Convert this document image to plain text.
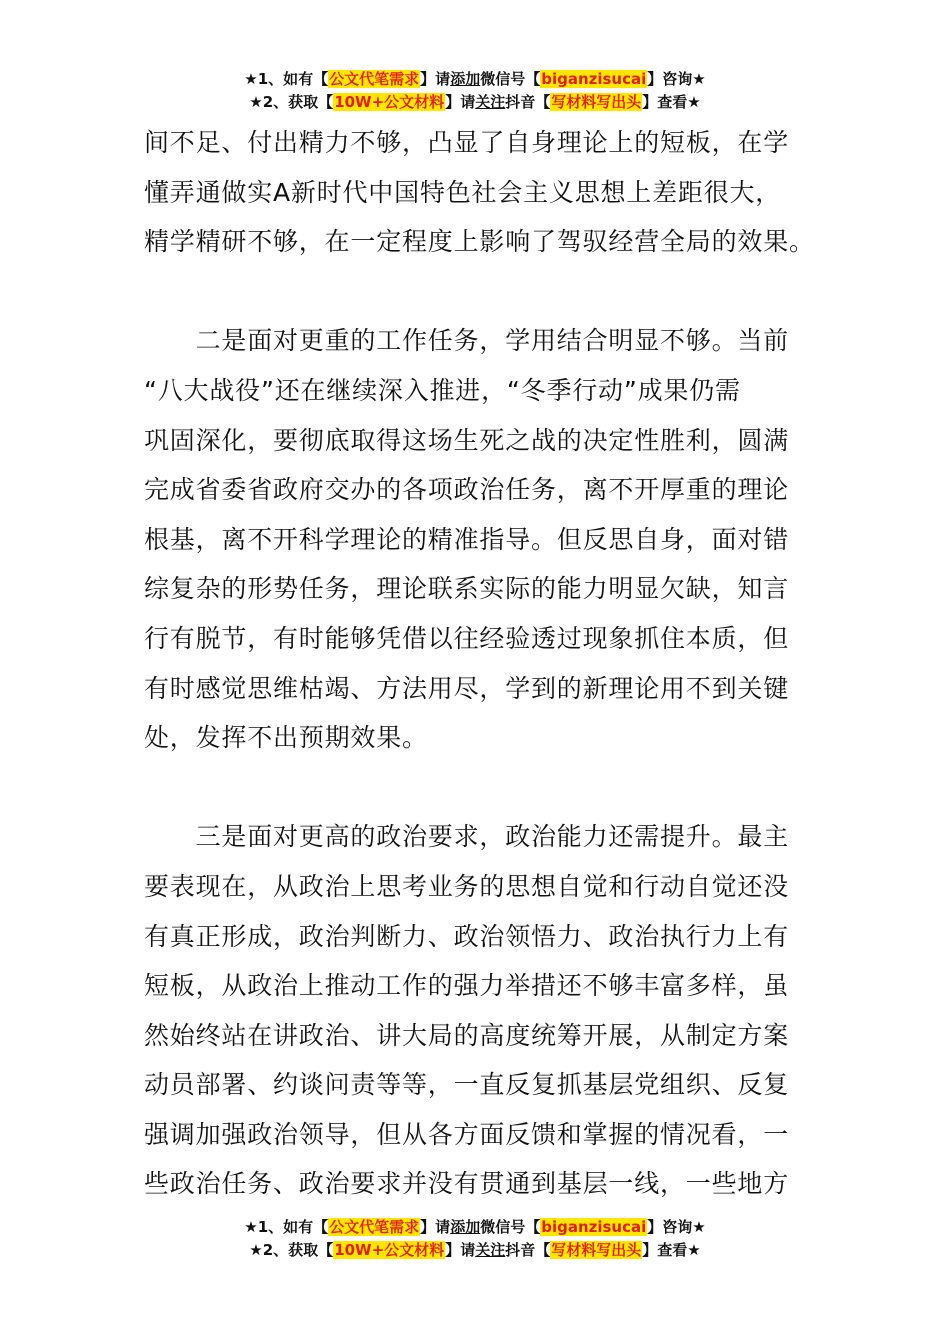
★1、如有【公文代笔需求】请添加微信号【biganzisucai】咨询★
★2、获取【10W+公文材料】请关注抖音【写材料写出头】查看★

间不足、付出精力不够，凸显了自身理论上的短板，在学
懂弄通做实A新时代中国特色社会主义思想上差距很大，
精学精研不够，在一定程度上影响了驾驭经营全局的效果。

　　二是面对更重的工作任务，学用结合明显不够。当前
“八大战役”还在继续深入推进，“冬季行动”成果仍需
巩固深化，要彻底取得这场生死之战的决定性胜利，圆满
完成省委省政府交办的各项政治任务，离不开厚重的理论
根基，离不开科学理论的精准指导。但反思自身，面对错
综复杂的形势任务，理论联系实际的能力明显欠缺，知言
行有脱节，有时能够凭借以往经验透过现象抓住本质，但
有时感觉思维枯竭、方法用尽，学到的新理论用不到关键
处，发挥不出预期效果。

　　三是面对更高的政治要求，政治能力还需提升。最主
要表现在，从政治上思考业务的思想自觉和行动自觉还没
有真正形成，政治判断力、政治领悟力、政治执行力上有
短板，从政治上推动工作的强力举措还不够丰富多样，虽
然始终站在讲政治、讲大局的高度统筹开展，从制定方案
动员部署、约谈问责等等，一直反复抓基层党组织、反复
强调加强政治领导，但从各方面反馈和掌握的情况看，一
些政治任务、政治要求并没有贯通到基层一线，一些地方

★1、如有【公文代笔需求】请添加微信号【biganzisucai】咨询★
★2、获取【10W+公文材料】请关注抖音【写材料写出头】查看★
